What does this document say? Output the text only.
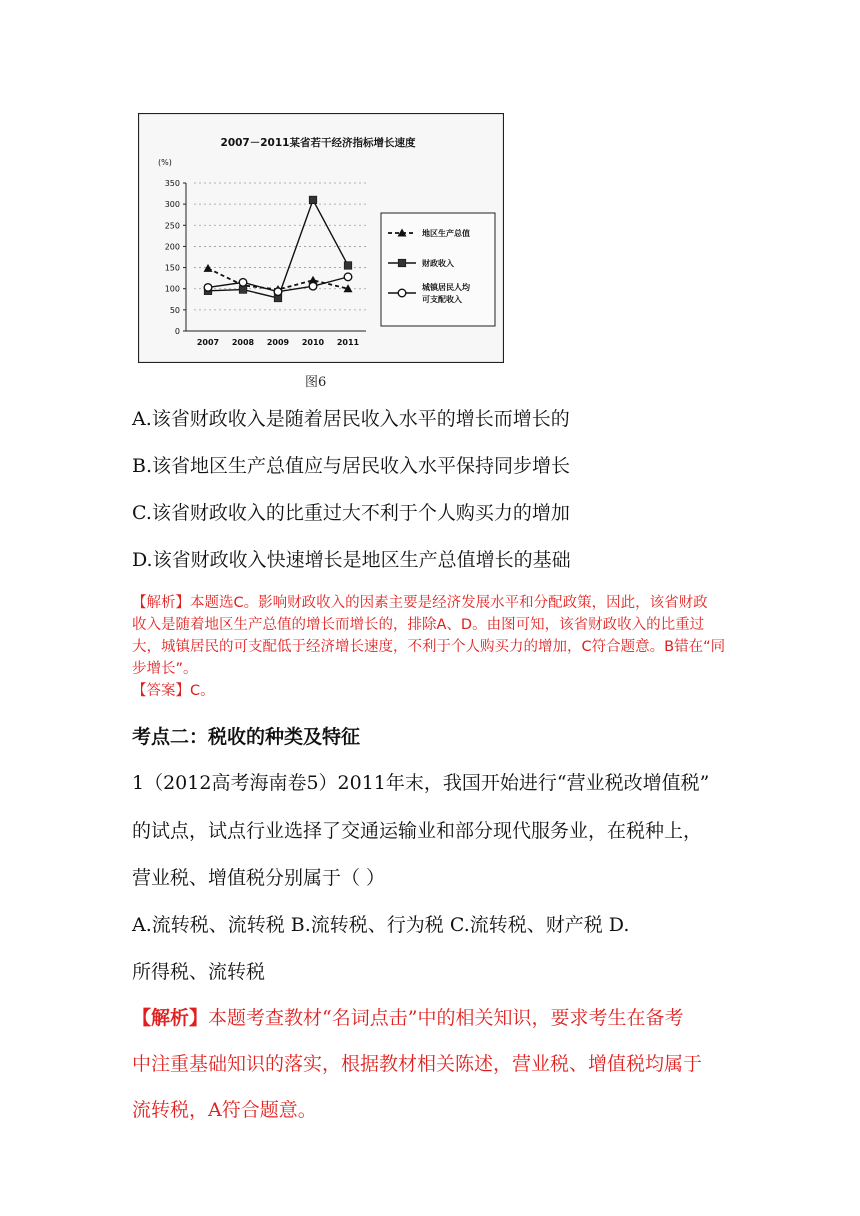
2007－2011某省若干经济指标增长速度
(%)
350
300
250
200
150
100
50
0
2007 2008 2009 2010 2011
地区生产总值
财政收入
城镇居民人均
可支配收入
图6
A.该省财政收入是随着居民收入水平的增长而增长的
B.该省地区生产总值应与居民收入水平保持同步增长
C.该省财政收入的比重过大不利于个人购买力的增加
D.该省财政收入快速增长是地区生产总值增长的基础
【解析】本题选C。影响财政收入的因素主要是经济发展水平和分配政策，因此，该省财政
收入是随着地区生产总值的增长而增长的，排除A、D。由图可知，该省财政收入的比重过
大，城镇居民的可支配低于经济增长速度，不利于个人购买力的增加，C符合题意。B错在“同
步增长”。
【答案】C。
考点二：税收的种类及特征
1（2012高考海南卷5）2011年末，我国开始进行“营业税改增值税”
的试点，试点行业选择了交通运输业和部分现代服务业，在税种上，
营业税、增值税分别属于（ ）
A.流转税、流转税 B.流转税、行为税 C.流转税、财产税 D.
所得税、流转税
【解析】本题考查教材“名词点击”中的相关知识，要求考生在备考
中注重基础知识的落实，根据教材相关陈述，营业税、增值税均属于
流转税，A符合题意。
